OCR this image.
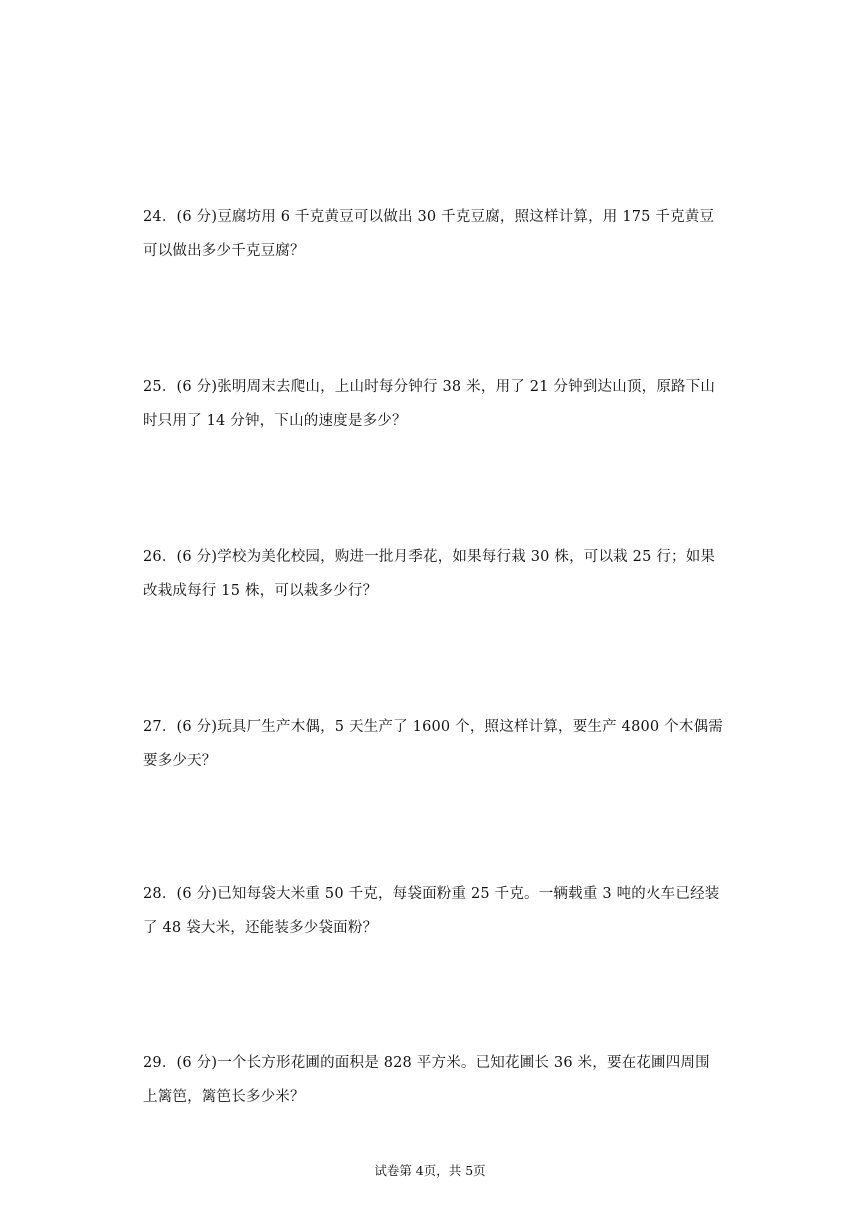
24．(6 分)豆腐坊用 6 千克黄豆可以做出 30 千克豆腐，照这样计算，用 175 千克黄豆
可以做出多少千克豆腐？
25．(6 分)张明周末去爬山，上山时每分钟行 38 米，用了 21 分钟到达山顶，原路下山
时只用了 14 分钟，下山的速度是多少？
26．(6 分)学校为美化校园，购进一批月季花，如果每行栽 30 株，可以栽 25 行；如果
改栽成每行 15 株，可以栽多少行？
27．(6 分)玩具厂生产木偶，5 天生产了 1600 个，照这样计算，要生产 4800 个木偶需
要多少天？
28．(6 分)已知每袋大米重 50 千克，每袋面粉重 25 千克。一辆载重 3 吨的火车已经装
了 48 袋大米，还能装多少袋面粉？
29．(6 分)一个长方形花圃的面积是 828 平方米。已知花圃长 36 米，要在花圃四周围
上篱笆，篱笆长多少米？
试卷第 4页，共 5页
